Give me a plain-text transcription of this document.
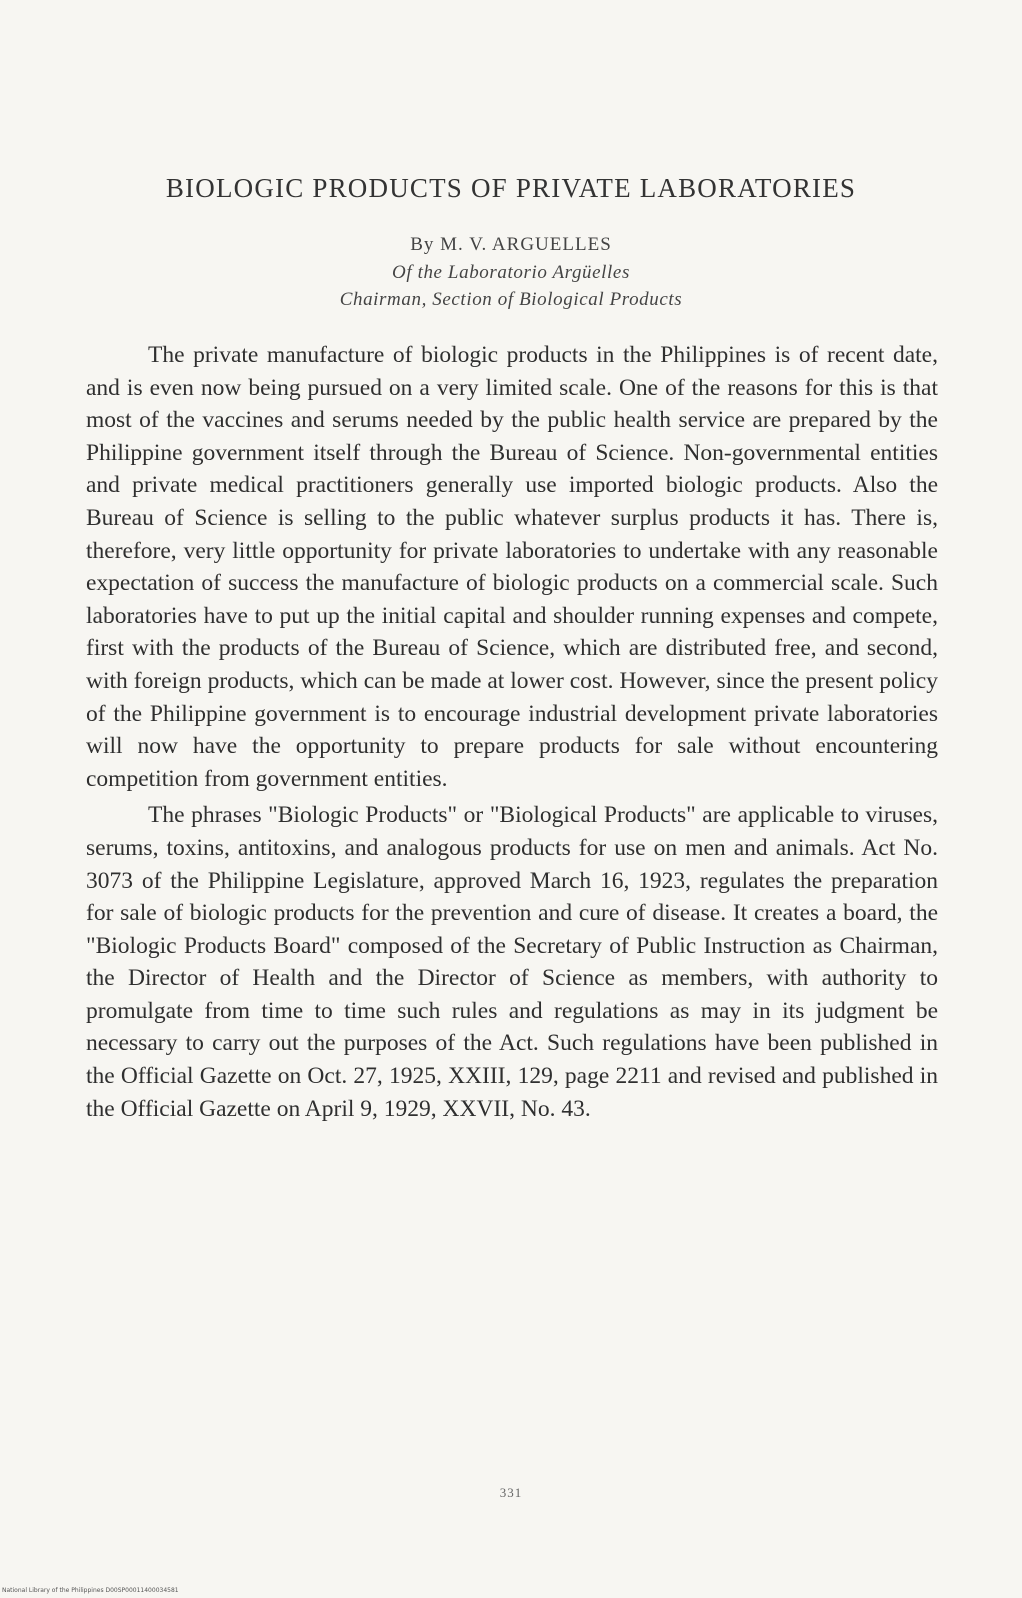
BIOLOGIC PRODUCTS OF PRIVATE LABORATORIES
By M. V. ARGUELLES
Of the Laboratorio Argüelles
Chairman, Section of Biological Products

The private manufacture of biologic products in the Philippines is of recent date, and is even now being pursued on a very limited scale. One of the reasons for this is that most of the vaccines and serums needed by the public health service are prepared by the Philippine government itself through the Bureau of Science. Non-governmental entities and private medical practitioners generally use imported biologic products. Also the Bureau of Science is selling to the public whatever surplus products it has. There is, therefore, very little opportunity for private laboratories to undertake with any reasonable expectation of success the manufacture of biologic products on a commercial scale. Such laboratories have to put up the initial capital and shoulder running expenses and compete, first with the products of the Bureau of Science, which are distributed free, and second, with foreign products, which can be made at lower cost. However, since the present policy of the Philippine government is to encourage industrial development private laboratories will now have the opportunity to prepare products for sale without encountering competition from government entities.

The phrases "Biologic Products" or "Biological Products" are applicable to viruses, serums, toxins, antitoxins, and analogous products for use on men and animals. Act No. 3073 of the Philippine Legislature, approved March 16, 1923, regulates the preparation for sale of biologic products for the prevention and cure of disease. It creates a board, the "Biologic Products Board" composed of the Secretary of Public Instruction as Chairman, the Director of Health and the Director of Science as members, with authority to promulgate from time to time such rules and regulations as may in its judgment be necessary to carry out the purposes of the Act. Such regulations have been published in the Official Gazette on Oct. 27, 1925, XXIII, 129, page 2211 and revised and published in the Official Gazette on April 9, 1929, XXVII, No. 43.

331
National Library of the Philippines D00SP00011400034581
